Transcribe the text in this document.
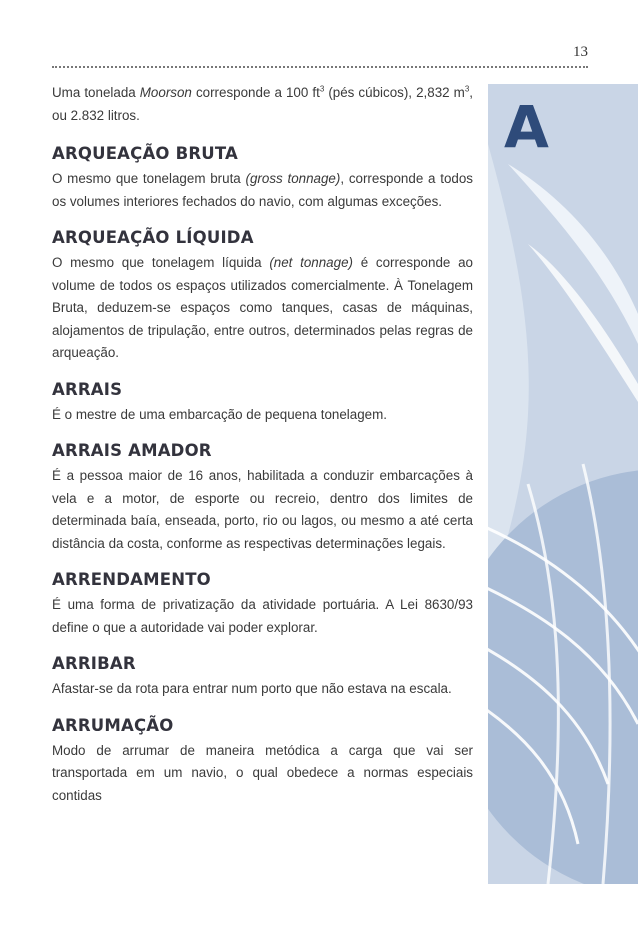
13
A

Uma tonelada Moorson corresponde a 100 $ft^3$ (pés cúbicos), 2,832 $m^3$, ou 2.832 litros.

ARQUEAÇÃO BRUTA

O mesmo que tonelagem bruta (gross tonnage), corresponde a todos os volumes interiores fechados do navio, com algumas exceções.

ARQUEAÇÃO LÍQUIDA

O mesmo que tonelagem líquida (net tonnage) é corresponde ao volume de todos os espaços utilizados comercialmente. À Tonelagem Bruta, deduzem-se espaços como tanques, casas de máquinas, alojamentos de tripulação, entre outros, determinados pelas regras de arqueação.

ARRAIS

É o mestre de uma embarcação de pequena tonelagem.

ARRAIS AMADOR

É a pessoa maior de 16 anos, habilitada a conduzir embarcações à vela e a motor, de esporte ou recreio, dentro dos limites de determinada baía, enseada, porto, rio ou lagos, ou mesmo a até certa distância da costa, conforme as respectivas determinações legais.

ARRENDAMENTO

É uma forma de privatização da atividade portuária. A Lei 8630/93 define o que a autoridade vai poder explorar.

ARRIBAR

Afastar-se da rota para entrar num porto que não estava na escala.

ARRUMAÇÃO

Modo de arrumar de maneira metódica a carga que vai ser transportada em um navio, o qual obedece a normas especiais contidas
